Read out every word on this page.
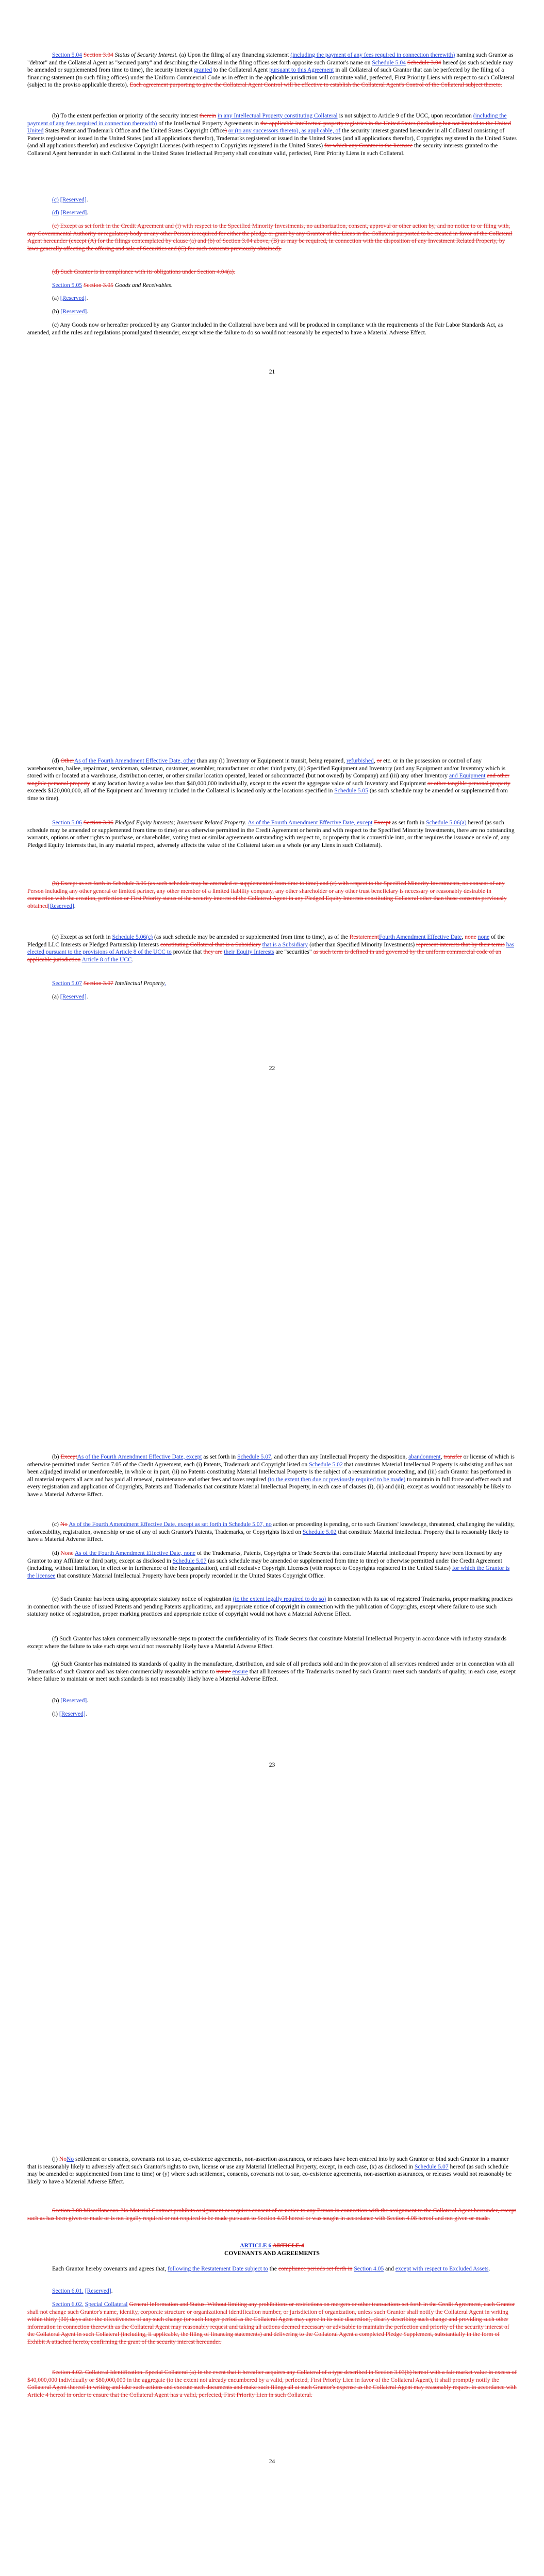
Section 5.04 Section 3.04 Status of Security Interest. (a) Upon the filing of any financing statement (including the payment of any fees required in connection therewith) naming such Grantor as "debtor" and the Collateral Agent as "secured party" and describing the Collateral in the filing offices set forth opposite such Grantor's name on Schedule 5.04 Schedule 3.04 hereof (as such schedule may be amended or supplemented from time to time), the security interest granted to the Collateral Agent pursuant to this Agreement in all Collateral of such Grantor that can be perfected by the filing of a financing statement (to such filing offices) under the Uniform Commercial Code as in effect in the applicable jurisdiction will constitute valid, perfected, First Priority Liens with respect to such Collateral (subject to the proviso applicable thereto). Each agreement purporting to give the Collateral Agent Control will be effective to establish the Collateral Agent's Control of the Collateral subject thereto.

(b) To the extent perfection or priority of the security interest therein in any Intellectual Property constituting Collateral is not subject to Article 9 of the UCC, upon recordation (including the payment of any fees required in connection therewith) of the Intellectual Property Agreements in the applicable intellectual property registries in the United States (including but not limited to the United United States Patent and Trademark Office and the United States Copyright Office) or (to any successors thereto), as applicable, of the security interest granted hereunder in all Collateral consisting of Patents registered or issued in the United States (and all applications therefor), Trademarks registered or issued in the United States (and all applications therefor), Copyrights registered in the United States (and all applications therefor) and exclusive Copyright Licenses (with respect to Copyrights registered in the United States) for which any Grantor is the licensee the security interests granted to the Collateral Agent hereunder in such Collateral in the United States Intellectual Property shall constitute valid, perfected, First Priority Liens in such Collateral.

(c) [Reserved].

(d) [Reserved].

(c) Except as set forth in the Credit Agreement and (i) with respect to the Specified Minority Investments, no authorization, consent, approval or other action by, and no notice to or filing with, any Governmental Authority or regulatory body or any other Person is required for either the pledge or grant by any Grantor of the Liens in the Collateral purported to be created in favor of the Collateral Agent hereunder (except (A) for the filings contemplated by clause (a) and (b) of Section 3.04 above, (B) as may be required, in connection with the disposition of any Investment Related Property, by laws generally affecting the offering and sale of Securities and (C) for such consents previously obtained).

(d) Such Grantor is in compliance with its obligations under Section 4.04(a).

Section 5.05 Section 3.05 Goods and Receivables.

(a) [Reserved].

(b) [Reserved].

(c) Any Goods now or hereafter produced by any Grantor included in the Collateral have been and will be produced in compliance with the requirements of the Fair Labor Standards Act, as amended, and the rules and regulations promulgated thereunder, except where the failure to do so would not reasonably be expected to have a Material Adverse Effect.

21

(d) OtherAs of the Fourth Amendment Effective Date, other than any (i) Inventory or Equipment in transit, being repaired, refurbished, or etc. or in the possession or control of any warehouseman, bailee, repairman, serviceman, salesman, customer, assembler, manufacturer or other third party, (ii) Specified Equipment and Inventory (and any Equipment and/or Inventory which is stored with or located at a warehouse, distribution center, or other similar location operated, leased or subcontracted (but not owned) by Company) and (iii) any other Inventory and Equipment and other tangible personal property at any location having a value less than $40,000,000 individually, except to the extent the aggregate value of such Inventory and Equipment or other tangible personal property exceeds $120,000,000, all of the Equipment and Inventory included in the Collateral is located only at the locations specified in Schedule 5.05 (as such schedule may be amended or supplemented from time to time).

Section 5.06 Section 3.06 Pledged Equity Interests; Investment Related Property. As of the Fourth Amendment Effective Date, except Except as set forth in Schedule 5.06(a) hereof (as such schedule may be amended or supplemented from time to time) or as otherwise permitted in the Credit Agreement or herein and with respect to the Specified Minority Investments, there are no outstanding warrants, options or other rights to purchase, or shareholder, voting trust or similar agreements outstanding with respect to, or property that is convertible into, or that requires the issuance or sale of, any Pledged Equity Interests that, in any material respect, adversely affects the value of the Collateral taken as a whole (or any Liens in such Collateral).

(b) Except as set forth in Schedule 3.06 (as such schedule may be amended or supplemented from time to time) and (c) with respect to the Specified Minority Investments, no consent of any Person including any other general or limited partner, any other member of a limited liability company, any other shareholder or any other trust beneficiary is necessary or reasonably desirable in connection with the creation, perfection or First Priority status of the security interest of the Collateral Agent in any Pledged Equity Interests constituting Collateral other than those consents previously obtained[Reserved].

(c) Except as set forth in Schedule 5.06(c) (as such schedule may be amended or supplemented from time to time), as of the RestatementFourth Amendment Effective Date, none none of the Pledged LLC Interests or Pledged Partnership Interests constituting Collateral that is a Subsidiary that is a Subsidiary (other than Specified Minority Investments) represent interests that by their terms has elected pursuant to the provisions of Article 8 of the UCC to provide that they are their Equity Interests are "securities" as such term is defined in and governed by the uniform commercial code of an applicable jurisdiction Article 8 of the UCC.

Section 5.07 Section 3.07 Intellectual Property.

(a) [Reserved].

22

(b) ExceptAs of the Fourth Amendment Effective Date, except as set forth in Schedule 5.07, and other than any Intellectual Property the disposition, abandonment, transfer or license of which is otherwise permitted under Section 7.05 of the Credit Agreement, each (i) Patents, Trademark and Copyright listed on Schedule 5.02 that constitutes Material Intellectual Property is subsisting and has not been adjudged invalid or unenforceable, in whole or in part, (ii) no Patents constituting Material Intellectual Property is the subject of a reexamination proceeding, and (iii) such Grantor has performed in all material respects all acts and has paid all renewal, maintenance and other fees and taxes required (to the extent then due or previously required to be made) to maintain in full force and effect each and every registration and application of Copyrights, Patents and Trademarks that constitute Material Intellectual Property, in each case of clauses (i), (ii) and (iii), except as would not reasonably be likely to have a Material Adverse Effect.

(c) No As of the Fourth Amendment Effective Date, except as set forth in Schedule 5.07, no action or proceeding is pending, or to such Grantors' knowledge, threatened, challenging the validity, enforceability, registration, ownership or use of any of such Grantor's Patents, Trademarks, or Copyrights listed on Schedule 5.02 that constitute Material Intellectual Property that is reasonably likely to have a Material Adverse Effect.

(d) None As of the Fourth Amendment Effective Date, none of the Trademarks, Patents, Copyrights or Trade Secrets that constitute Material Intellectual Property have been licensed by any Grantor to any Affiliate or third party, except as disclosed in Schedule 5.07 (as such schedule may be amended or supplemented from time to time) or otherwise permitted under the Credit Agreement (including, without limitation, in effect or in furtherance of the Reorganization), and all exclusive Copyright Licenses (with respect to Copyrights registered in the United States) for which the Grantor is the licensee that constitute Material Intellectual Property have been properly recorded in the United States Copyright Office.

(e) Such Grantor has been using appropriate statutory notice of registration (to the extent legally required to do so) in connection with its use of registered Trademarks, proper marking practices in connection with the use of issued Patents and pending Patents applications, and appropriate notice of copyright in connection with the publication of Copyrights, except where failure to use such statutory notice of registration, proper marking practices and appropriate notice of copyright would not have a Material Adverse Effect.

(f) Such Grantor has taken commercially reasonable steps to protect the confidentiality of its Trade Secrets that constitute Material Intellectual Property in accordance with industry standards except where the failure to take such steps would not reasonably likely have a Material Adverse Effect.

(g) Such Grantor has maintained its standards of quality in the manufacture, distribution, and sale of all products sold and in the provision of all services rendered under or in connection with all Trademarks of such Grantor and has taken commercially reasonable actions to insure ensure that all licensees of the Trademarks owned by such Grantor meet such standards of quality, in each case, except where failure to maintain or meet such standards is not reasonably likely have a Material Adverse Effect.

(h) [Reserved].

(i) [Reserved].

23

(j) NoNo settlement or consents, covenants not to sue, co-existence agreements, non-assertion assurances, or releases have been entered into by such Grantor or bind such Grantor in a manner that is reasonably likely to adversely affect such Grantor's rights to own, license or use any Material Intellectual Property, except, in each case, (x) as disclosed in Schedule 5.07 hereof (as such schedule may be amended or supplemented from time to time) or (y) where such settlement, consents, covenants not to sue, co-existence agreements, non-assertion assurances, or releases would not reasonably be likely to have a Material Adverse Effect.

Section 3.08 Miscellaneous. No Material Contract prohibits assignment or requires consent of or notice to any Person in connection with the assignment to the Collateral Agent hereunder, except such as has been given or made or is not legally required or not required to be made pursuant to Section 4.08 hereof or was sought in accordance with Section 4.08 hereof and not given or made.

ARTICLE 6 ARTICLE 4

COVENANTS AND AGREEMENTS

Each Grantor hereby covenants and agrees that, following the Restatement Date subject to the compliance periods set forth in Section 4.05 and except with respect to Excluded Assets.

Section 6.01. [Reserved].

Section 6.02. Special Collateral General Information and Status. Without limiting any prohibitions or restrictions on mergers or other transactions set forth in the Credit Agreement, each Grantor shall not change such Grantor's name, identity, corporate structure or organizational identification number, or jurisdiction of organization, unless such Grantor shall notify the Collateral Agent in writing within thirty (30) days after the effectiveness of any such change (or such longer period as the Collateral Agent may agree in its sole discretion), clearly describing such change and providing such other information in connection therewith as the Collateral Agent may reasonably request and taking all actions deemed necessary or advisable to maintain the perfection and priority of the security interest of the Collateral Agent in such Collateral (including, if applicable, the filing of financing statements) and delivering to the Collateral Agent a completed Pledge Supplement, substantially in the form of Exhibit A attached hereto, confirming the grant of the security interest hereunder.

Section 4.02. Collateral Identification. Special Collateral (a) In the event that it hereafter acquires any Collateral of a type described in Section 3.03(b) hereof with a fair market value in excess of $40,000,000 individually or $80,000,000 in the aggregate (to the extent not already encumbered by a valid, perfected, First Priority Lien in favor of the Collateral Agent), it shall promptly notify the Collateral Agent thereof in writing and take such actions and execute such documents and make such filings all at such Grantor's expense as the Collateral Agent may reasonably request in accordance with Article 4 hereof in order to ensure that the Collateral Agent has a valid, perfected, First Priority Lien in such Collateral.

24
